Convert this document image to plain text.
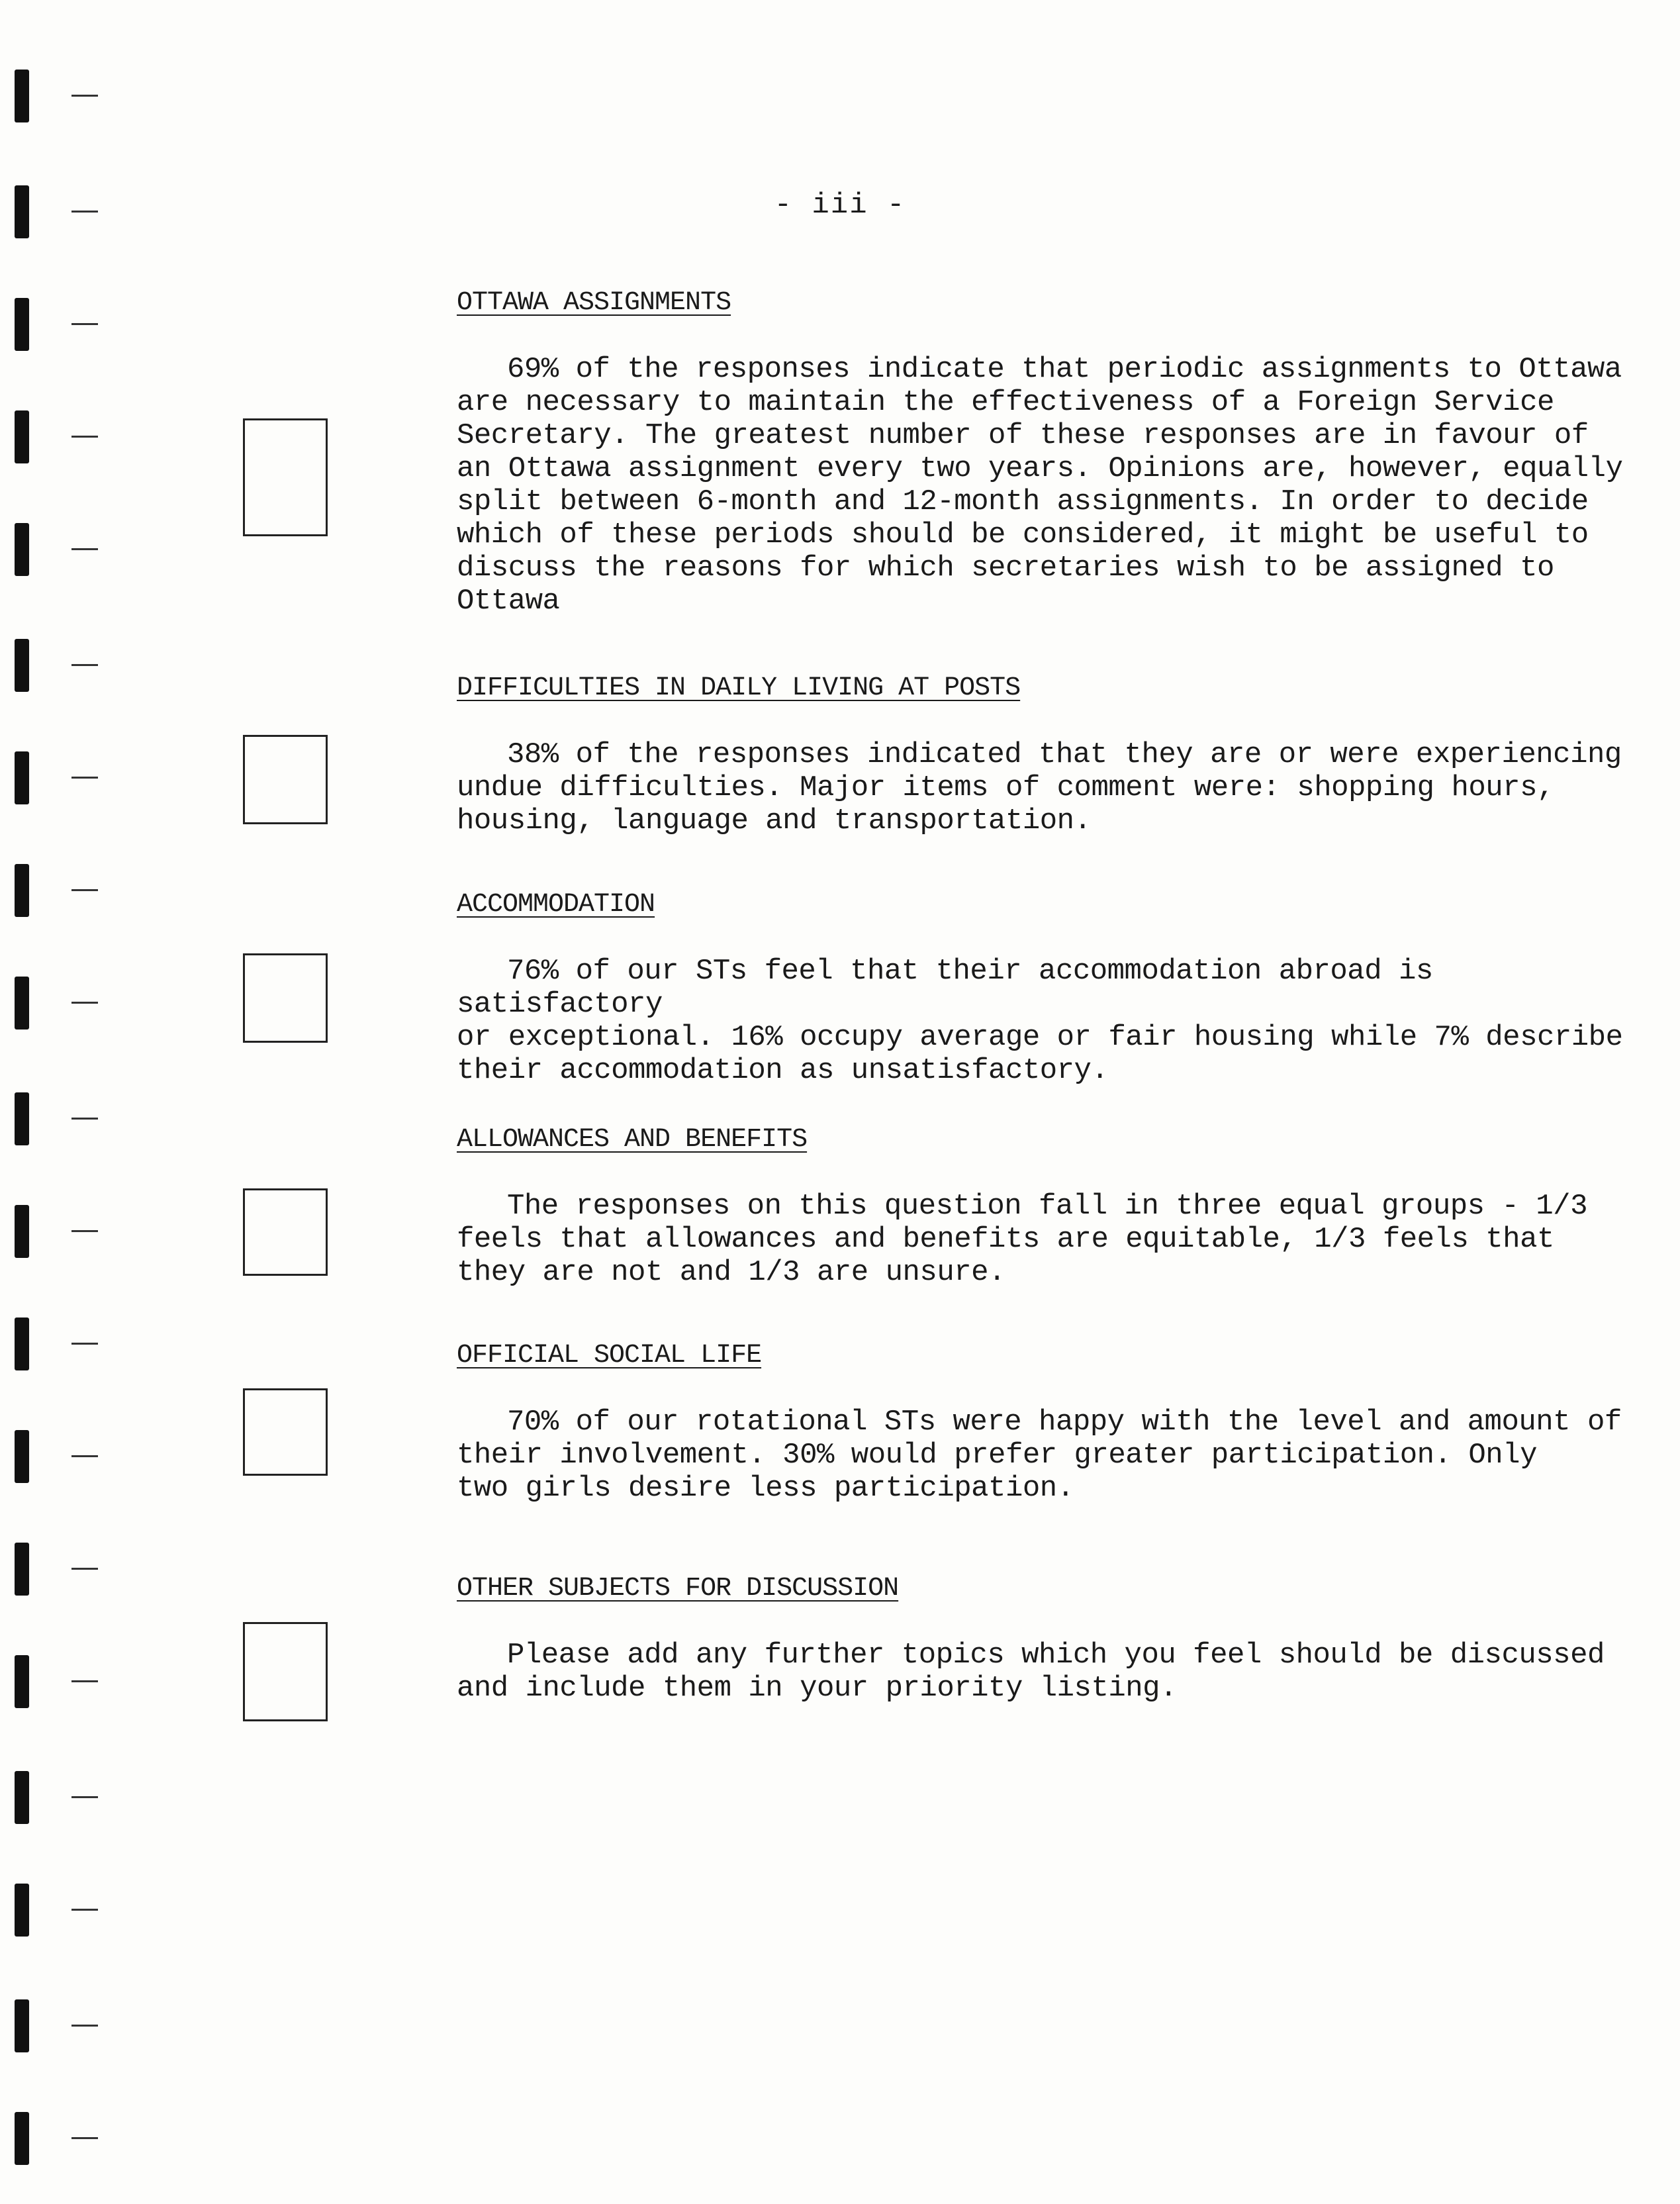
- iii -
OTTAWA ASSIGNMENTS
69% of the responses indicate that periodic assignments to Ottawa
are necessary to maintain the effectiveness of a Foreign Service
Secretary. The greatest number of these responses are in favour of
an Ottawa assignment every two years. Opinions are, however, equally
split between 6-month and 12-month assignments. In order to decide
which of these periods should be considered, it might be useful to
discuss the reasons for which secretaries wish to be assigned to
Ottawa
DIFFICULTIES IN DAILY LIVING AT POSTS
38% of the responses indicated that they are or were experiencing
undue difficulties. Major items of comment were: shopping hours,
housing, language and transportation.
ACCOMMODATION
76% of our STs feel that their accommodation abroad is satisfactory
or exceptional. 16% occupy average or fair housing while 7% describe
their accommodation as unsatisfactory.
ALLOWANCES AND BENEFITS
The responses on this question fall in three equal groups - 1/3
feels that allowances and benefits are equitable, 1/3 feels that
they are not and 1/3 are unsure.
OFFICIAL SOCIAL LIFE
70% of our rotational STs were happy with the level and amount of
their involvement. 30% would prefer greater participation. Only
two girls desire less participation.
OTHER SUBJECTS FOR DISCUSSION
Please add any further topics which you feel should be discussed
and include them in your priority listing.
